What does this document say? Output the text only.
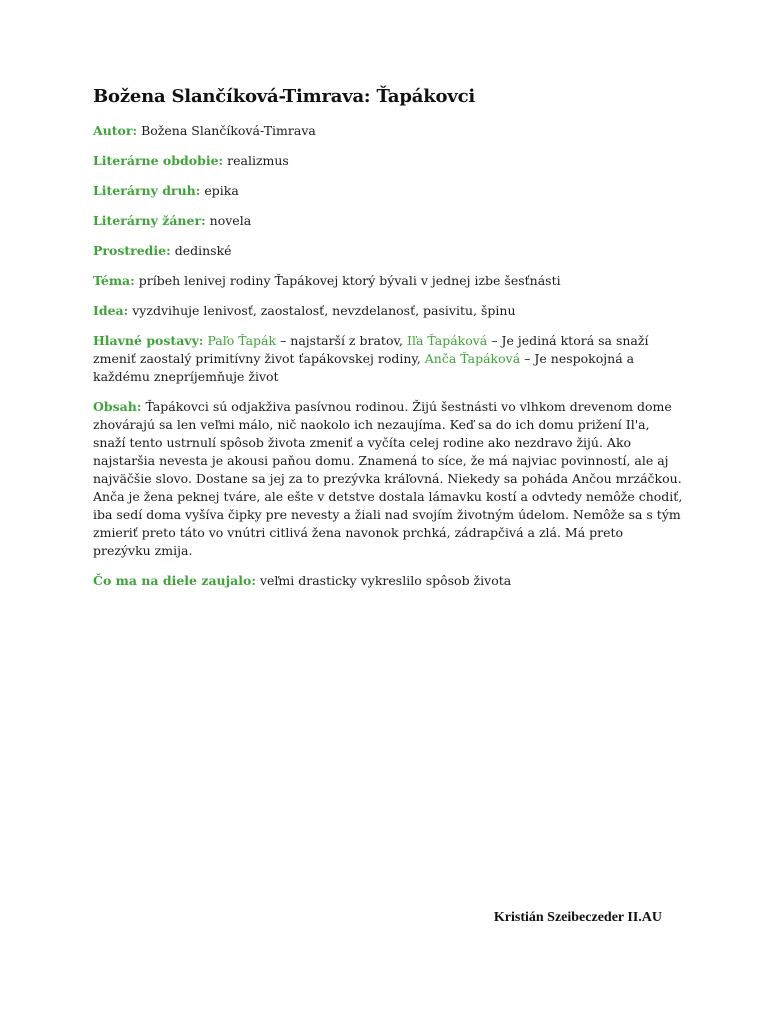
Božena Slančíková-Timrava: Ťapákovci

Autor: Božena Slančíková-Timrava

Literárne obdobie: realizmus

Literárny druh: epika

Literárny žáner: novela

Prostredie: dedinské

Téma: príbeh lenivej rodiny Ťapákovej ktorý bývali v jednej izbe šesťnásti

Idea: vyzdvihuje lenivosť, zaostalosť, nevzdelanosť, pasivitu, špinu

Hlavné postavy: Paľo Ťapák – najstarší z bratov, Iľa Ťapáková – Je jediná ktorá sa snaží zmeniť zaostalý primitívny život ťapákovskej rodiny, Anča Ťapáková – Je nespokojná a každému znepríjemňuje život

Obsah: Ťapákovci sú odjakživa pasívnou rodinou. Žijú šestnásti vo vlhkom drevenom dome zhovárajú sa len veľmi málo, nič naokolo ich nezaujíma. Keď sa do ich domu prižení Il'a, snaží tento ustrnulí spôsob života zmeniť a vyčíta celej rodine ako nezdravo žijú. Ako najstaršia nevesta je akousi paňou domu. Znamená to síce, že má najviac povinností, ale aj najväčšie slovo. Dostane sa jej za to prezývka kráľovná. Niekedy sa poháda Ančou mrzáčkou. Anča je žena peknej tváre, ale ešte v detstve dostala lámavku kostí a odvtedy nemôže chodiť, iba sedí doma vyšíva čipky pre nevesty a žiali nad svojím životným údelom. Nemôže sa s tým zmieriť preto táto vo vnútri citlivá žena navonok prchká, zádrapčivá a zlá. Má preto prezývku zmija.

Čo ma na diele zaujalo: veľmi drasticky vykreslilo spôsob života

Kristián Szeibeczeder II.AU
